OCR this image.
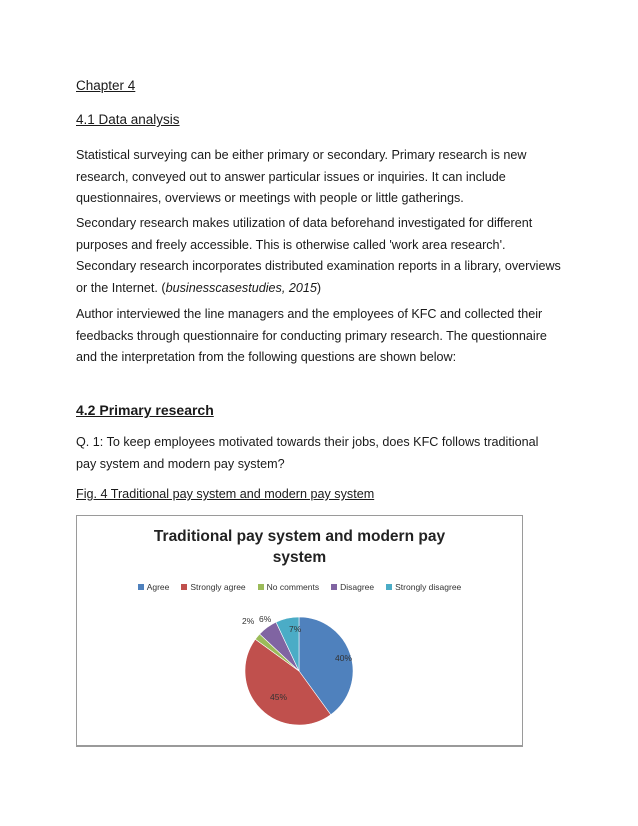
Chapter 4
4.1 Data analysis

Statistical surveying can be either primary or secondary. Primary research is new research, conveyed out to answer particular issues or inquiries. It can include questionnaires, overviews or meetings with people or little gatherings.

Secondary research makes utilization of data beforehand investigated for different purposes and freely accessible. This is otherwise called 'work area research'. Secondary research incorporates distributed examination reports in a library, overviews or the Internet. (businesscasestudies, 2015)

Author interviewed the line managers and the employees of KFC and collected their feedbacks through questionnaire for conducting primary research. The questionnaire and the interpretation from the following questions are shown below:

4.2 Primary research

Q. 1: To keep employees motivated towards their jobs, does KFC follows traditional pay system and modern pay system?

Fig. 4 Traditional pay system and modern pay system
Traditional pay system and modern pay
system
Agree Strongly agree No comments Disagree Strongly disagree
40%
45%
2% 6%
7%
